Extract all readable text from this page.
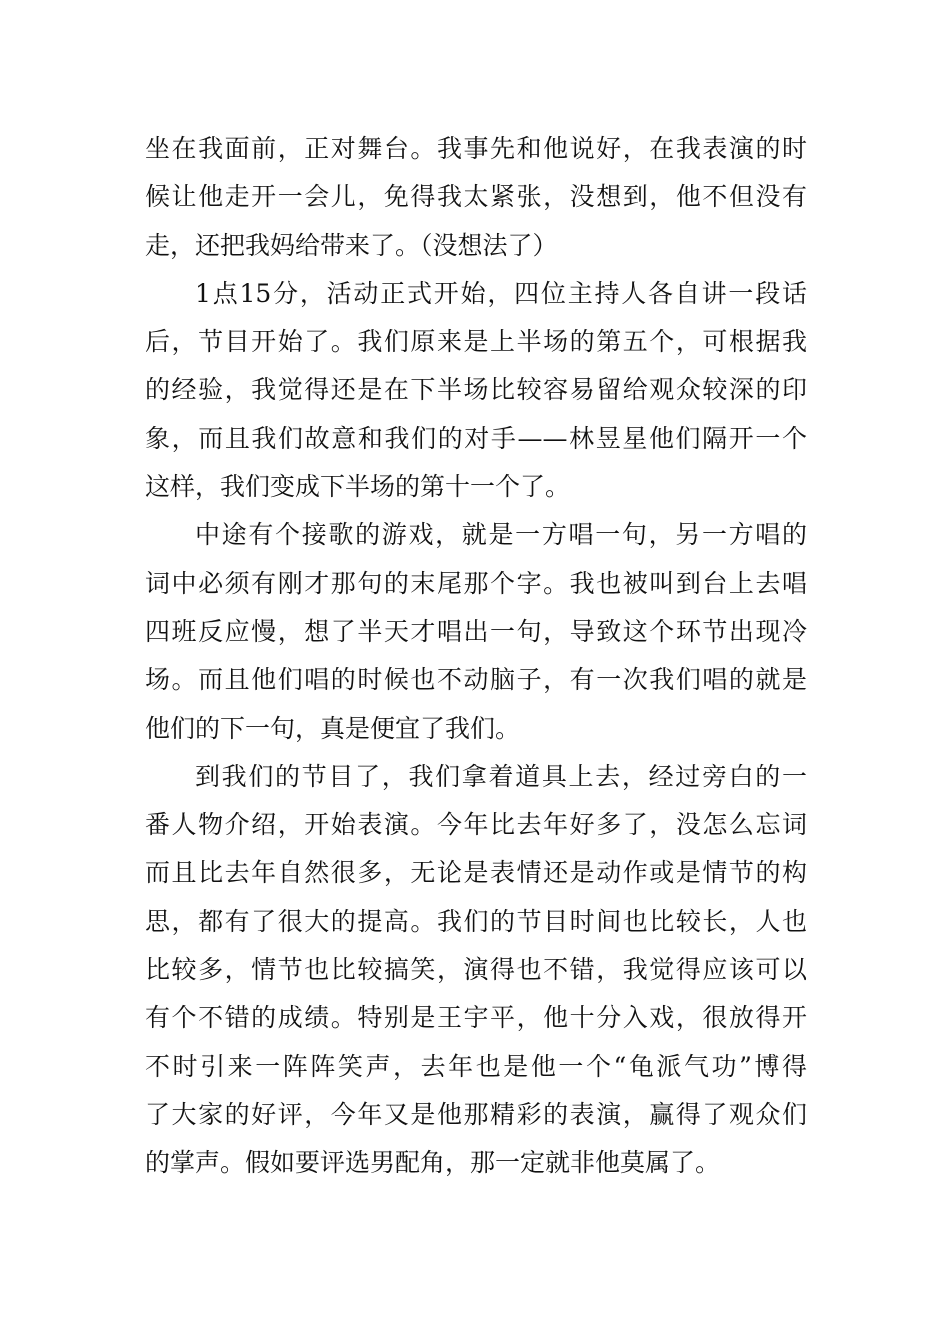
坐在我面前，正对舞台。我事先和他说好，在我表演的时
候让他走开一会儿，免得我太紧张，没想到，他不但没有
走，还把我妈给带来了。（没想法了）
1点15分，活动正式开始，四位主持人各自讲一段话
后，节目开始了。我们原来是上半场的第五个，可根据我
的经验，我觉得还是在下半场比较容易留给观众较深的印
象，而且我们故意和我们的对手——林昱星他们隔开一个
这样，我们变成下半场的第十一个了。
中途有个接歌的游戏，就是一方唱一句，另一方唱的
词中必须有刚才那句的末尾那个字。我也被叫到台上去唱
四班反应慢，想了半天才唱出一句，导致这个环节出现冷
场。而且他们唱的时候也不动脑子，有一次我们唱的就是
他们的下一句，真是便宜了我们。
到我们的节目了，我们拿着道具上去，经过旁白的一
番人物介绍，开始表演。今年比去年好多了，没怎么忘词
而且比去年自然很多，无论是表情还是动作或是情节的构
思，都有了很大的提高。我们的节目时间也比较长，人也
比较多，情节也比较搞笑，演得也不错，我觉得应该可以
有个不错的成绩。特别是王宇平，他十分入戏，很放得开
不时引来一阵阵笑声，去年也是他一个“龟派气功”博得
了大家的好评，今年又是他那精彩的表演，赢得了观众们
的掌声。假如要评选男配角，那一定就非他莫属了。
